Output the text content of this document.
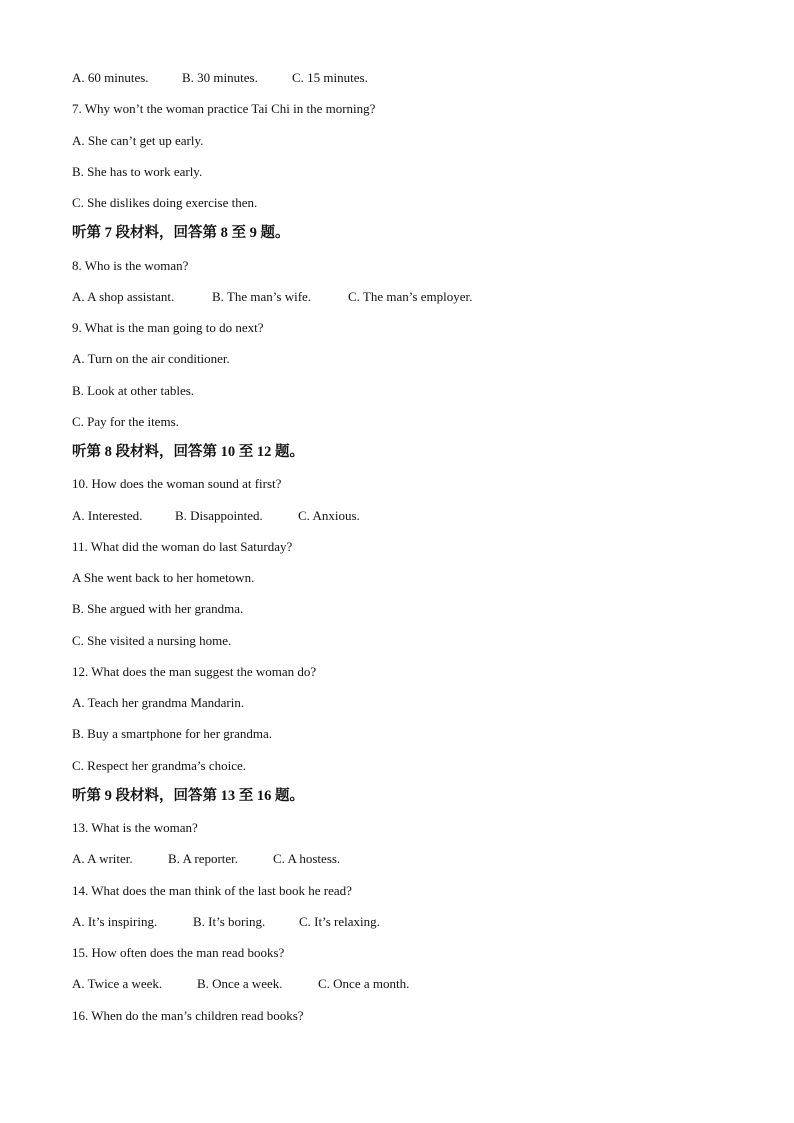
A. 60 minutes.	B. 30 minutes.	C. 15 minutes.
7. Why won’t the woman practice Tai Chi in the morning?
A. She can’t get up early.
B. She has to work early.
C. She dislikes doing exercise then.
听第 7 段材料，回答第 8 至 9 题。
8. Who is the woman?
A. A shop assistant.	B. The man’s wife.	C. The man’s employer.
9. What is the man going to do next?
A. Turn on the air conditioner.
B. Look at other tables.
C. Pay for the items.
听第 8 段材料，回答第 10 至 12 题。
10. How does the woman sound at first?
A. Interested.	B. Disappointed.	C. Anxious.
11. What did the woman do last Saturday?
A She went back to her hometown.
B. She argued with her grandma.
C. She visited a nursing home.
12. What does the man suggest the woman do?
A. Teach her grandma Mandarin.
B. Buy a smartphone for her grandma.
C. Respect her grandma’s choice.
听第 9 段材料，回答第 13 至 16 题。
13. What is the woman?
A. A writer.	B. A reporter.	C. A hostess.
14. What does the man think of the last book he read?
A. It’s inspiring.	B. It’s boring.	C. It’s relaxing.
15. How often does the man read books?
A. Twice a week.	B. Once a week.	C. Once a month.
16. When do the man’s children read books?
